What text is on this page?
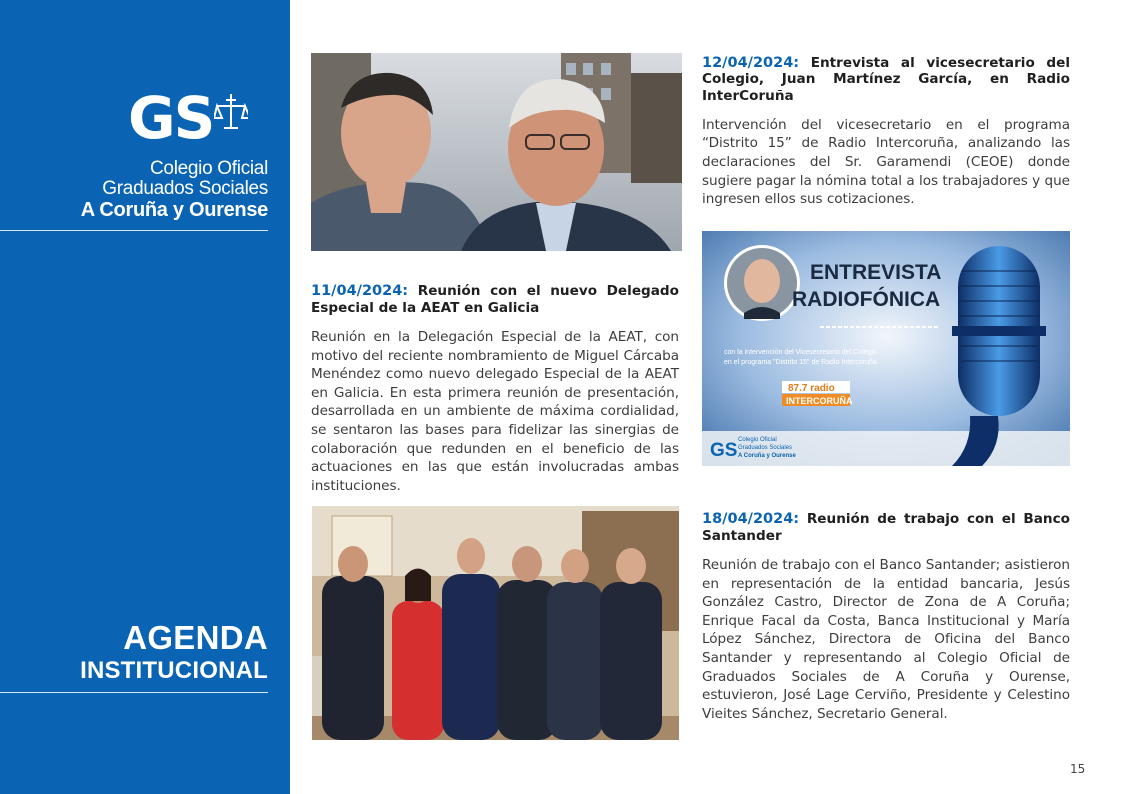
GS
Colegio Oficial
Graduados Sociales
A Coruña y Ourense
AGENDA
INSTITUCIONAL
ENTREVISTA
RADIOFÓNICA
con la intervención del Vicesecretario del Colegio
en el programa "Distrito 15" de Radio Intercoruña
87.7 radio
INTERCORUÑA
GS Colegio Oficial
Graduados Sociales
A Coruña y Ourense
11/04/2024: Reunión con el nuevo Delegado Especial de la AEAT en Galicia
Reunión en la Delegación Especial de la AEAT, con motivo del reciente nombramiento de Miguel Cárcaba Menéndez como nuevo delegado Especial de la AEAT en Galicia. En esta primera reunión de presentación, desarrollada en un ambiente de máxima cordialidad, se sentaron las bases para fidelizar las sinergias de colaboración que redunden en el beneficio de las actuaciones en las que están involucradas ambas instituciones.
12/04/2024: Entrevista al vicesecretario del Colegio, Juan Martínez García, en Radio InterCoruña
Intervención del vicesecretario en el programa “Distrito 15” de Radio Intercoruña, analizando las declaraciones del Sr. Garamendi (CEOE) donde sugiere pagar la nómina total a los trabajadores y que ingresen ellos sus cotizaciones.
18/04/2024: Reunión de trabajo con el Banco Santander
Reunión de trabajo con el Banco Santander; asistieron en representación de la entidad bancaria, Jesús González Castro, Director de Zona de A Coruña; Enrique Facal da Costa, Banca Institucional y María López Sánchez, Directora de Oficina del Banco Santander y representando al Colegio Oficial de Graduados Sociales de A Coruña y Ourense, estuvieron, José Lage Cerviño, Presidente y Celestino Vieites Sánchez, Secretario General.
15
